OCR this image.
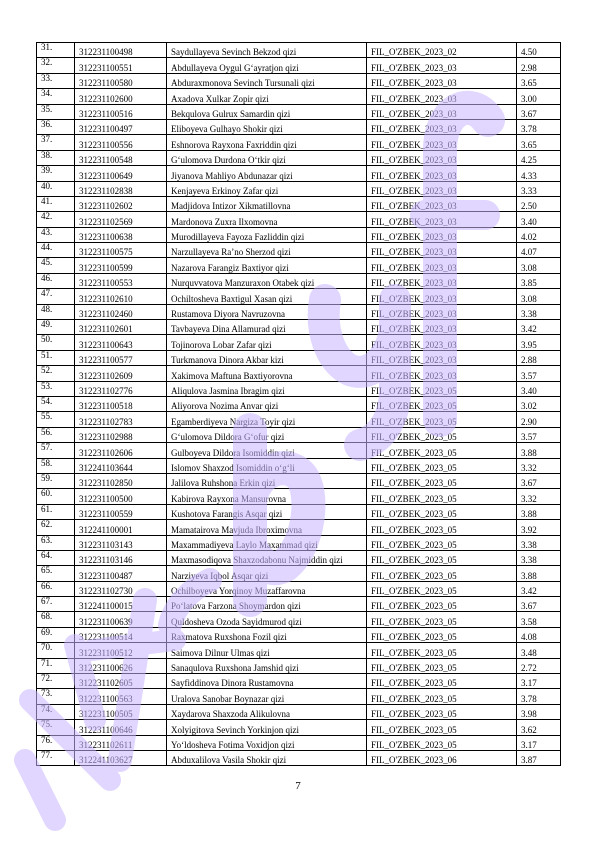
31.	312231100498	Saydullayeva Sevinch Bekzod qizi	FIL_O'ZBEK_2023_02	4.50
32.	312231100551	Abdullayeva Oygul G‘ayratjon qizi	FIL_O'ZBEK_2023_03	2.98
33.	312231100580	Abduraxmonova Sevinch Tursunali qizi	FIL_O'ZBEK_2023_03	3.65
34.	312231102600	Axadova Xulkar Zopir qizi	FIL_O'ZBEK_2023_03	3.00
35.	312231100516	Bekqulova Gulrux Samardin qizi	FIL_O'ZBEK_2023_03	3.67
36.	312231100497	Eliboyeva Gulhayo Shokir qizi	FIL_O'ZBEK_2023_03	3.78
37.	312231100556	Eshnorova Rayxona Faxriddin qizi	FIL_O'ZBEK_2023_03	3.65
38.	312231100548	G‘ulomova Durdona O‘tkir qizi	FIL_O'ZBEK_2023_03	4.25
39.	312231100649	Jiyanova Mahliyo Abdunazar qizi	FIL_O'ZBEK_2023_03	4.33
40.	312231102838	Kenjayeva Erkinoy Zafar qizi	FIL_O'ZBEK_2023_03	3.33
41.	312231102602	Madjidova Intizor Xikmatillovna	FIL_O'ZBEK_2023_03	2.50
42.	312231102569	Mardonova Zuxra Ilxomovna	FIL_O'ZBEK_2023_03	3.40
43.	312231100638	Murodillayeva Fayoza Fazliddin qizi	FIL_O'ZBEK_2023_03	4.02
44.	312231100575	Narzullayeva Ra’no Sherzod qizi	FIL_O'ZBEK_2023_03	4.07
45.	312231100599	Nazarova Farangiz Baxtiyor qizi	FIL_O'ZBEK_2023_03	3.08
46.	312231100553	Nurquvvatova Manzuraxon Otabek qizi	FIL_O'ZBEK_2023_03	3.85
47.	312231102610	Ochiltosheva Baxtigul Xasan qizi	FIL_O'ZBEK_2023_03	3.08
48.	312231102460	Rustamova Diyora Navruzovna	FIL_O'ZBEK_2023_03	3.38
49.	312231102601	Tavbayeva Dina Allamurad qizi	FIL_O'ZBEK_2023_03	3.42
50.	312231100643	Tojinorova Lobar Zafar qizi	FIL_O'ZBEK_2023_03	3.95
51.	312231100577	Turkmanova Dinora Akbar kizi	FIL_O'ZBEK_2023_03	2.88
52.	312231102609	Xakimova Maftuna Baxtiyorovna	FIL_O'ZBEK_2023_03	3.57
53.	312231102776	Aliqulova Jasmina Ibragim qizi	FIL_O'ZBEK_2023_05	3.40
54.	312231100518	Aliyorova Nozima Anvar qizi	FIL_O'ZBEK_2023_05	3.02
55.	312231102783	Egamberdiyeva Nargiza Toyir qizi	FIL_O'ZBEK_2023_05	2.90
56.	312231102988	G‘ulomova Dildora G‘ofur qizi	FIL_O'ZBEK_2023_05	3.57
57.	312231102606	Gulboyeva Dildora Isomiddin qizi	FIL_O'ZBEK_2023_05	3.88
58.	312241103644	Islomov Shaxzod Isomiddin o‘g‘li	FIL_O'ZBEK_2023_05	3.32
59.	312231102850	Jalilova Ruhshona Erkin qizi	FIL_O'ZBEK_2023_05	3.67
60.	312231100500	Kabirova Rayxona Mansurovna	FIL_O'ZBEK_2023_05	3.32
61.	312231100559	Kushotova Farangis Asqar qizi	FIL_O'ZBEK_2023_05	3.88
62.	312241100001	Mamatairova Mavjuda Ibroximovna	FIL_O'ZBEK_2023_05	3.92
63.	312231103143	Maxammadiyeva Laylo Maxammad qizi	FIL_O'ZBEK_2023_05	3.38
64.	312231103146	Maxmasodiqova Shaxzodabonu Najmiddin qizi	FIL_O'ZBEK_2023_05	3.38
65.	312231100487	Narziyeva Iqbol Asqar qizi	FIL_O'ZBEK_2023_05	3.88
66.	312231102730	Ochilboyeva Yorqinoy Muzaffarovna	FIL_O'ZBEK_2023_05	3.42
67.	312241100015	Po‘latova Farzona Shoymardon qizi	FIL_O'ZBEK_2023_05	3.67
68.	312231100639	Quldosheva Ozoda Sayidmurod qizi	FIL_O'ZBEK_2023_05	3.58
69.	312231100514	Raxmatova Ruxshona Fozil qizi	FIL_O'ZBEK_2023_05	4.08
70.	312231100512	Saimova Dilnur Ulmas qizi	FIL_O'ZBEK_2023_05	3.48
71.	312231100626	Sanaqulova Ruxshona Jamshid qizi	FIL_O'ZBEK_2023_05	2.72
72.	312231102605	Sayfiddinova Dinora Rustamovna	FIL_O'ZBEK_2023_05	3.17
73.	312231100563	Uralova Sanobar Boynazar qizi	FIL_O'ZBEK_2023_05	3.78
74.	312231100505	Xaydarova Shaxzoda Alikulovna	FIL_O'ZBEK_2023_05	3.98
75.	312231100646	Xolyigitova Sevinch Yorkinjon qizi	FIL_O'ZBEK_2023_05	3.62
76.	312231102611	Yo‘ldosheva Fotima Voxidjon qizi	FIL_O'ZBEK_2023_05	3.17
77.	312241103627	Abduxalilova Vasila Shokir qizi	FIL_O'ZBEK_2023_06	3.87
7
